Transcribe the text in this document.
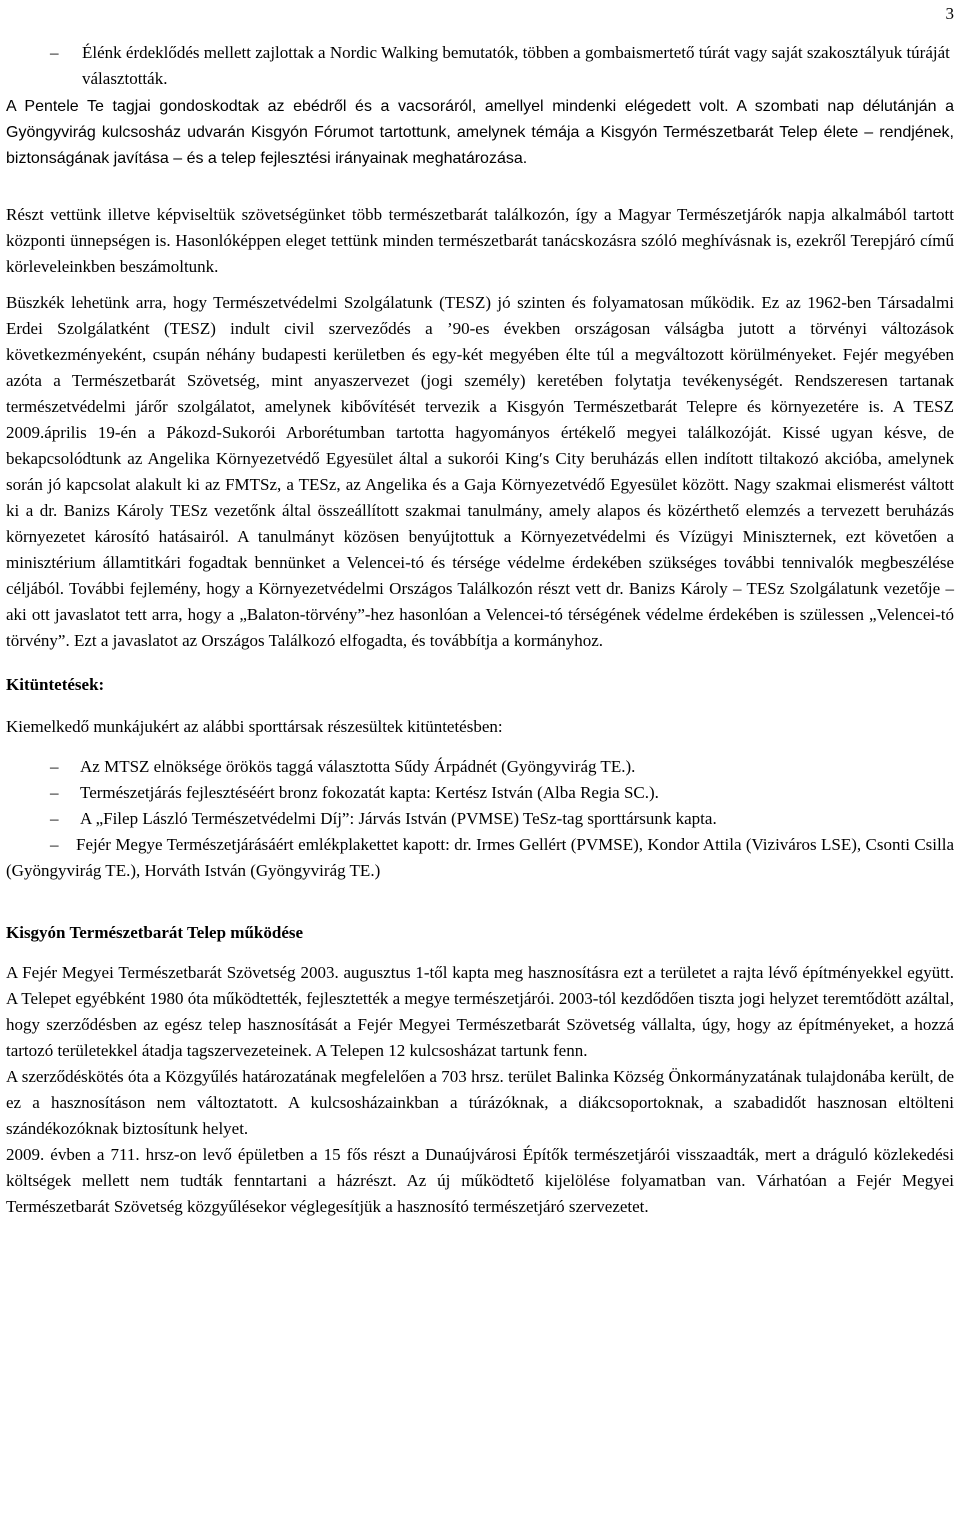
3
–	Élénk érdeklődés mellett zajlottak a Nordic Walking bemutatók, többen a gombaismertető túrát vagy saját szakosztályuk túráját választották.

A Pentele Te tagjai gondoskodtak az ebédről és a vacsoráról, amellyel mindenki elégedett volt. A szombati nap délutánján a Gyöngyvirág kulcsosház udvarán Kisgyón Fórumot tartottunk, amelynek témája a Kisgyón Természetbarát Telep élete – rendjének, biztonságának javítása – és a telep fejlesztési irányainak meghatározása.

Részt vettünk illetve képviseltük szövetségünket több természetbarát találkozón, így a Magyar Természetjárók napja alkalmából tartott központi ünnepségen is. Hasonlóképpen eleget tettünk minden természetbarát tanácskozásra szóló meghívásnak is, ezekről Terepjáró című körleveleinkben beszámoltunk.

Büszkék lehetünk arra, hogy Természetvédelmi Szolgálatunk (TESZ) jó szinten és folyamatosan működik. Ez az 1962-ben Társadalmi Erdei Szolgálatként (TESZ) indult civil szerveződés a ’90-es években országosan válságba jutott a törvényi változások következményeként, csupán néhány budapesti kerületben és egy-két megyében élte túl a megváltozott körülményeket. Fejér megyében azóta a Természetbarát Szövetség, mint anyaszervezet (jogi személy) keretében folytatja tevékenységét. Rendszeresen tartanak természetvédelmi járőr szolgálatot, amelynek kibővítését tervezik a Kisgyón Természetbarát Telepre és környezetére is. A TESZ 2009.április 19-én a Pákozd-Sukorói Arborétumban tartotta hagyományos értékelő megyei találkozóját. Kissé ugyan késve, de bekapcsolódtunk az Angelika Környezetvédő Egyesület által a sukorói King′s City beruházás ellen indított tiltakozó akcióba, amelynek során jó kapcsolat alakult ki az FMTSz, a TESz, az Angelika és a Gaja Környezetvédő Egyesület között. Nagy szakmai elismerést váltott ki a dr. Banizs Károly TESz vezetőnk által összeállított szakmai tanulmány, amely alapos és közérthető elemzés a tervezett beruházás környezetet károsító hatásairól. A tanulmányt közösen benyújtottuk a Környezetvédelmi és Vízügyi Miniszternek, ezt követően a minisztérium államtitkári fogadtak bennünket a Velencei-tó és térsége védelme érdekében szükséges további tennivalók megbeszélése céljából. További fejlemény, hogy a Környezetvédelmi Országos Találkozón részt vett dr. Banizs Károly – TESz Szolgálatunk vezetője – aki ott javaslatot tett arra, hogy a „Balaton-törvény”-hez hasonlóan a Velencei-tó térségének védelme érdekében is szülessen „Velencei-tó törvény”. Ezt a javaslatot az Országos Találkozó elfogadta, és továbbítja a kormányhoz.

Kitüntetések:

Kiemelkedő munkájukért az alábbi sporttársak részesültek kitüntetésben:

–	Az MTSZ elnöksége örökös taggá választotta Sűdy Árpádnét (Gyöngyvirág TE.).
–	Természetjárás fejlesztéséért bronz fokozatát kapta: Kertész István (Alba Regia SC.).
–	A „Filep László Természetvédelmi Díj”: Járvás István (PVMSE) TeSz-tag sporttársunk kapta.
– Fejér Megye Természetjárásáért emlékplakettet kapott: dr. Irmes Gellért (PVMSE), Kondor Attila (Viziváros LSE), Csonti Csilla (Gyöngyvirág TE.), Horváth István (Gyöngyvirág TE.)
Kisgyón Természetbarát Telep működése

A Fejér Megyei Természetbarát Szövetség 2003. augusztus 1-től kapta meg hasznosításra ezt a területet a rajta lévő építményekkel együtt. A Telepet egyébként 1980 óta működtették, fejlesztették a megye természetjárói. 2003-tól kezdődően tiszta jogi helyzet teremtődött azáltal, hogy szerződésben az egész telep hasznosítását a Fejér Megyei Természetbarát Szövetség vállalta, úgy, hogy az építményeket, a hozzá tartozó területekkel átadja tagszervezeteinek. A Telepen 12 kulcsosházat tartunk fenn.

A szerződéskötés óta a Közgyűlés határozatának megfelelően a 703 hrsz. terület Balinka Község Önkormányzatának tulajdonába került, de ez a hasznosításon nem változtatott. A kulcsosházainkban a túrázóknak, a diákcsoportoknak, a szabadidőt hasznosan eltölteni szándékozóknak biztosítunk helyet.

2009. évben a 711. hrsz-on levő épületben a 15 fős részt a Dunaújvárosi Építők természetjárói visszaadták, mert a dráguló közlekedési költségek mellett nem tudták fenntartani a házrészt. Az új működtető kijelölése folyamatban van. Várhatóan a Fejér Megyei Természetbarát Szövetség közgyűlésekor véglegesítjük a hasznosító természetjáró szervezetet.
